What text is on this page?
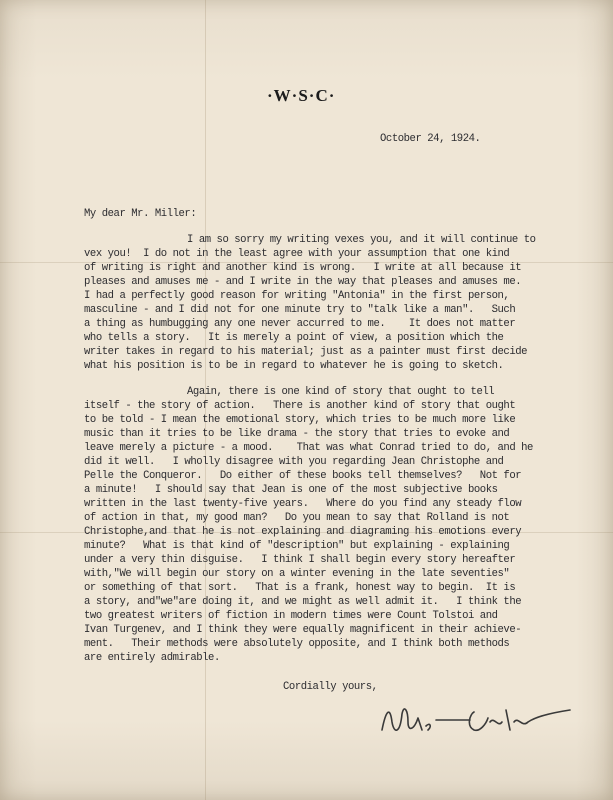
·W·S·C·
October 24, 1924.
My dear Mr. Miller:
I am so sorry my writing vexes you, and it will continue to
vex you!  I do not in the least agree with your assumption that one kind
of writing is right and another kind is wrong.   I write at all because it
pleases and amuses me - and I write in the way that pleases and amuses me.
I had a perfectly good reason for writing "Antonia" in the first person,
masculine - and I did not for one minute try to "talk like a man".   Such
a thing as humbugging any one never accurred to me.    It does not matter
who tells a story.   It is merely a point of view, a position which the
writer takes in regard to his material; just as a painter must first decide
what his position is to be in regard to whatever he is going to sketch.
Again, there is one kind of story that ought to tell
itself - the story of action.   There is another kind of story that ought
to be told - I mean the emotional story, which tries to be much more like
music than it tries to be like drama - the story that tries to evoke and
leave merely a picture - a mood.    That was what Conrad tried to do, and he
did it well.   I wholly disagree with you regarding Jean Christophe and
Pelle the Conqueror.   Do either of these books tell themselves?   Not for
a minute!   I should say that Jean is one of the most subjective books
written in the last twenty-five years.   Where do you find any steady flow
of action in that, my good man?   Do you mean to say that Rolland is not
Christophe,and that he is not explaining and diagraming his emotions every
minute?   What is that kind of "description" but explaining - explaining
under a very thin disguise.   I think I shall begin every story hereafter
with,"We will begin our story on a winter evening in the late seventies"
or something of that sort.   That is a frank, honest way to begin.  It is
a story, and"we"are doing it, and we might as well admit it.   I think the
two greatest writers of fiction in modern times were Count Tolstoi and
Ivan Turgenev, and I think they were equally magnificent in their achieve-
ment.   Their methods were absolutely opposite, and I think both methods
are entirely admirable.
Cordially yours,
